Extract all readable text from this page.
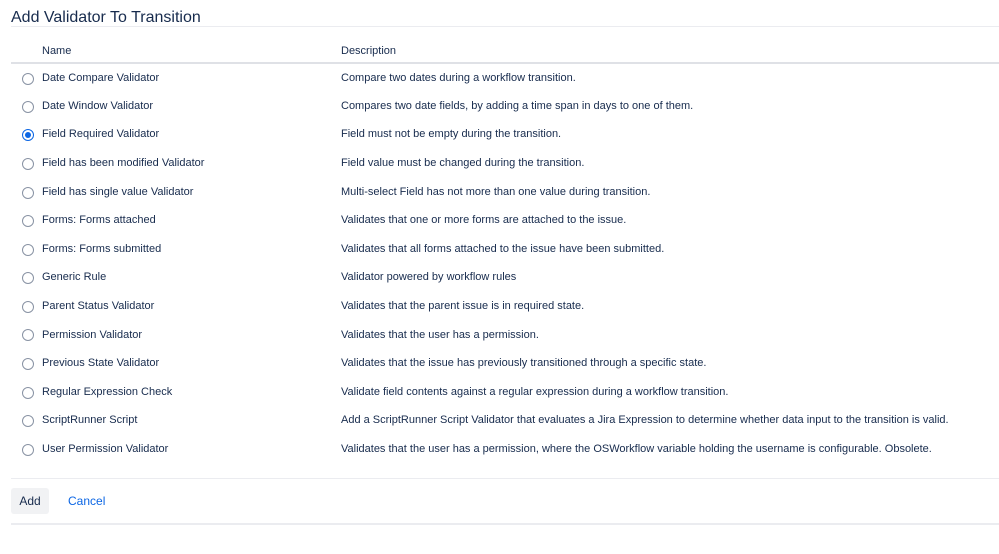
Add Validator To Transition
	Name	Description
	Date Compare Validator	Compare two dates during a workflow transition.
	Date Window Validator	Compares two date fields, by adding a time span in days to one of them.
	Field Required Validator	Field must not be empty during the transition.
	Field has been modified Validator	Field value must be changed during the transition.
	Field has single value Validator	Multi-select Field has not more than one value during transition.
	Forms: Forms attached	Validates that one or more forms are attached to the issue.
	Forms: Forms submitted	Validates that all forms attached to the issue have been submitted.
	Generic Rule	Validator powered by workflow rules
	Parent Status Validator	Validates that the parent issue is in required state.
	Permission Validator	Validates that the user has a permission.
	Previous State Validator	Validates that the issue has previously transitioned through a specific state.
	Regular Expression Check	Validate field contents against a regular expression during a workflow transition.
	ScriptRunner Script	Add a ScriptRunner Script Validator that evaluates a Jira Expression to determine whether data input to the transition is valid.
	User Permission Validator	Validates that the user has a permission, where the OSWorkflow variable holding the username is configurable. Obsolete.
Add	Cancel
